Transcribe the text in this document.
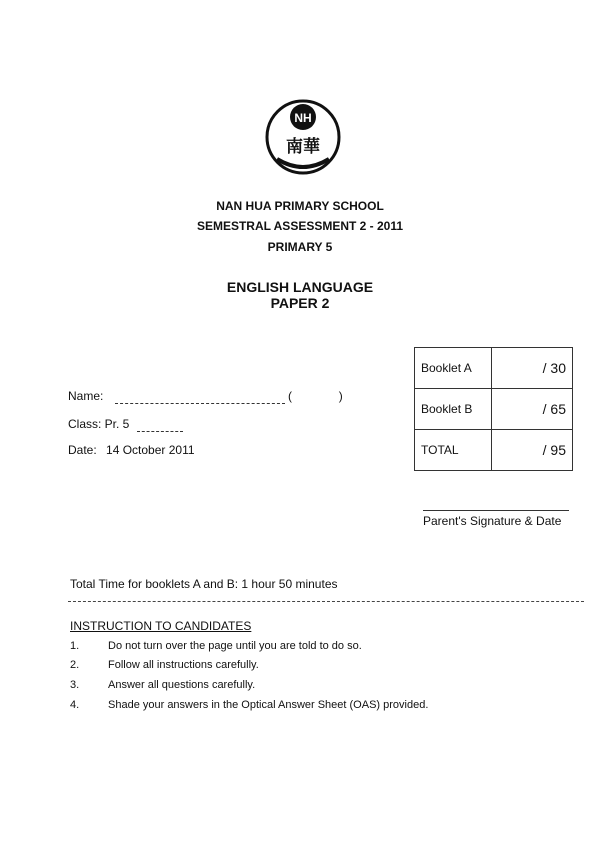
NH
南華
NAN HUA PRIMARY SCHOOL
SEMESTRAL ASSESSMENT 2 - 2011
PRIMARY 5
ENGLISH LANGUAGE
PAPER 2
Name:	(	)
Class: Pr. 5
Date: 14 October 2011
Booklet A	/ 30
Booklet B	/ 65
TOTAL	/ 95
Parent's Signature & Date
Total Time for booklets A and B: 1 hour 50 minutes
INSTRUCTION TO CANDIDATES
1.	Do not turn over the page until you are told to do so.
2.	Follow all instructions carefully.
3.	Answer all questions carefully.
4.	Shade your answers in the Optical Answer Sheet (OAS) provided.
